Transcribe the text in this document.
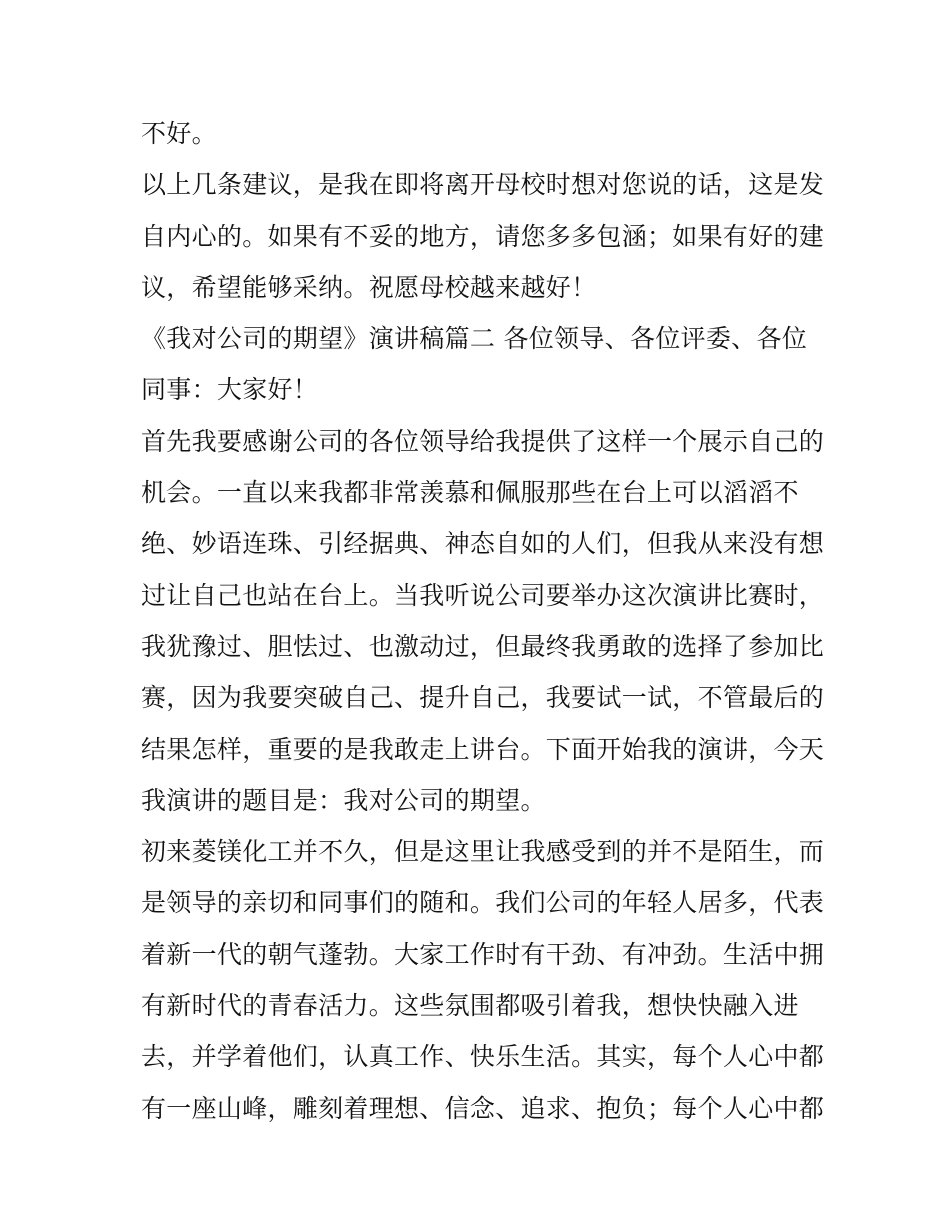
不好。
以上几条建议，是我在即将离开母校时想对您说的话，这是发
自内心的。如果有不妥的地方，请您多多包涵；如果有好的建
议，希望能够采纳。祝愿母校越来越好！
《我对公司的期望》演讲稿篇二 各位领导、各位评委、各位
同事：大家好！
首先我要感谢公司的各位领导给我提供了这样一个展示自己的
机会。一直以来我都非常羡慕和佩服那些在台上可以滔滔不
绝、妙语连珠、引经据典、神态自如的人们，但我从来没有想
过让自己也站在台上。当我听说公司要举办这次演讲比赛时，
我犹豫过、胆怯过、也激动过，但最终我勇敢的选择了参加比
赛，因为我要突破自己、提升自己，我要试一试，不管最后的
结果怎样，重要的是我敢走上讲台。下面开始我的演讲，今天
我演讲的题目是：我对公司的期望。
初来菱镁化工并不久，但是这里让我感受到的并不是陌生，而
是领导的亲切和同事们的随和。我们公司的年轻人居多，代表
着新一代的朝气蓬勃。大家工作时有干劲、有冲劲。生活中拥
有新时代的青春活力。这些氛围都吸引着我，想快快融入进
去，并学着他们，认真工作、快乐生活。其实，每个人心中都
有一座山峰，雕刻着理想、信念、追求、抱负；每个人心中都
